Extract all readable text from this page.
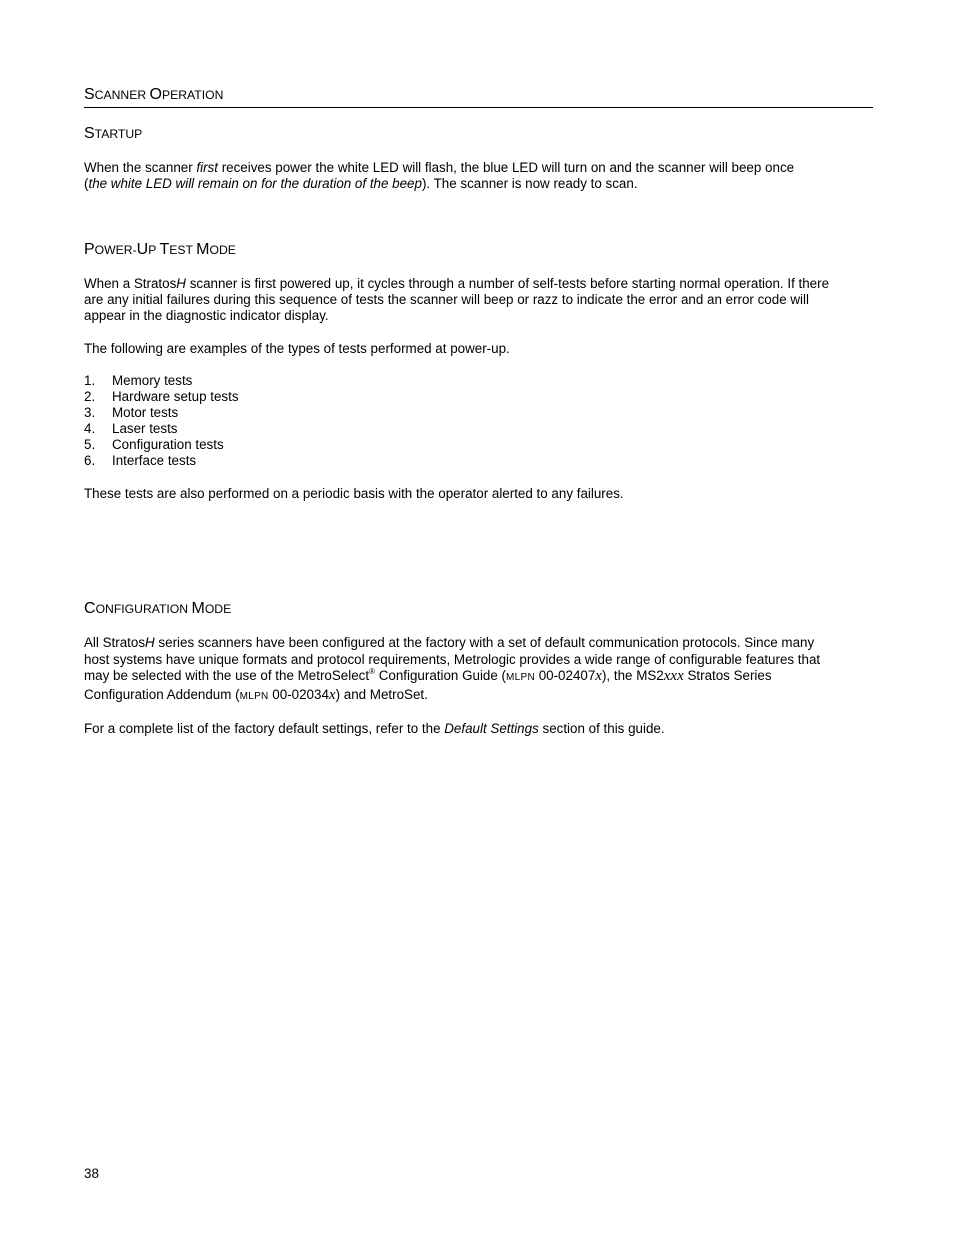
SCANNER OPERATION
STARTUP

When the scanner first receives power the white LED will flash, the blue LED will turn on and the scanner will beep once
(the white LED will remain on for the duration of the beep). The scanner is now ready to scan.

POWER-UP TEST MODE

When a StratosH scanner is first powered up, it cycles through a number of self-tests before starting normal operation. If there
are any initial failures during this sequence of tests the scanner will beep or razz to indicate the error and an error code will
appear in the diagnostic indicator display.

The following are examples of the types of tests performed at power-up.

1. Memory tests

2. Hardware setup tests

3. Motor tests

4. Laser tests

5. Configuration tests

6. Interface tests

These tests are also performed on a periodic basis with the operator alerted to any failures.

CONFIGURATION MODE

All StratosH series scanners have been configured at the factory with a set of default communication protocols. Since many
host systems have unique formats and protocol requirements, Metrologic provides a wide range of configurable features that
may be selected with the use of the MetroSelect® Configuration Guide (MLPN 00-02407x), the MS2xxx Stratos Series
Configuration Addendum (MLPN 00-02034x) and MetroSet.

For a complete list of the factory default settings, refer to the Default Settings section of this guide.

38
